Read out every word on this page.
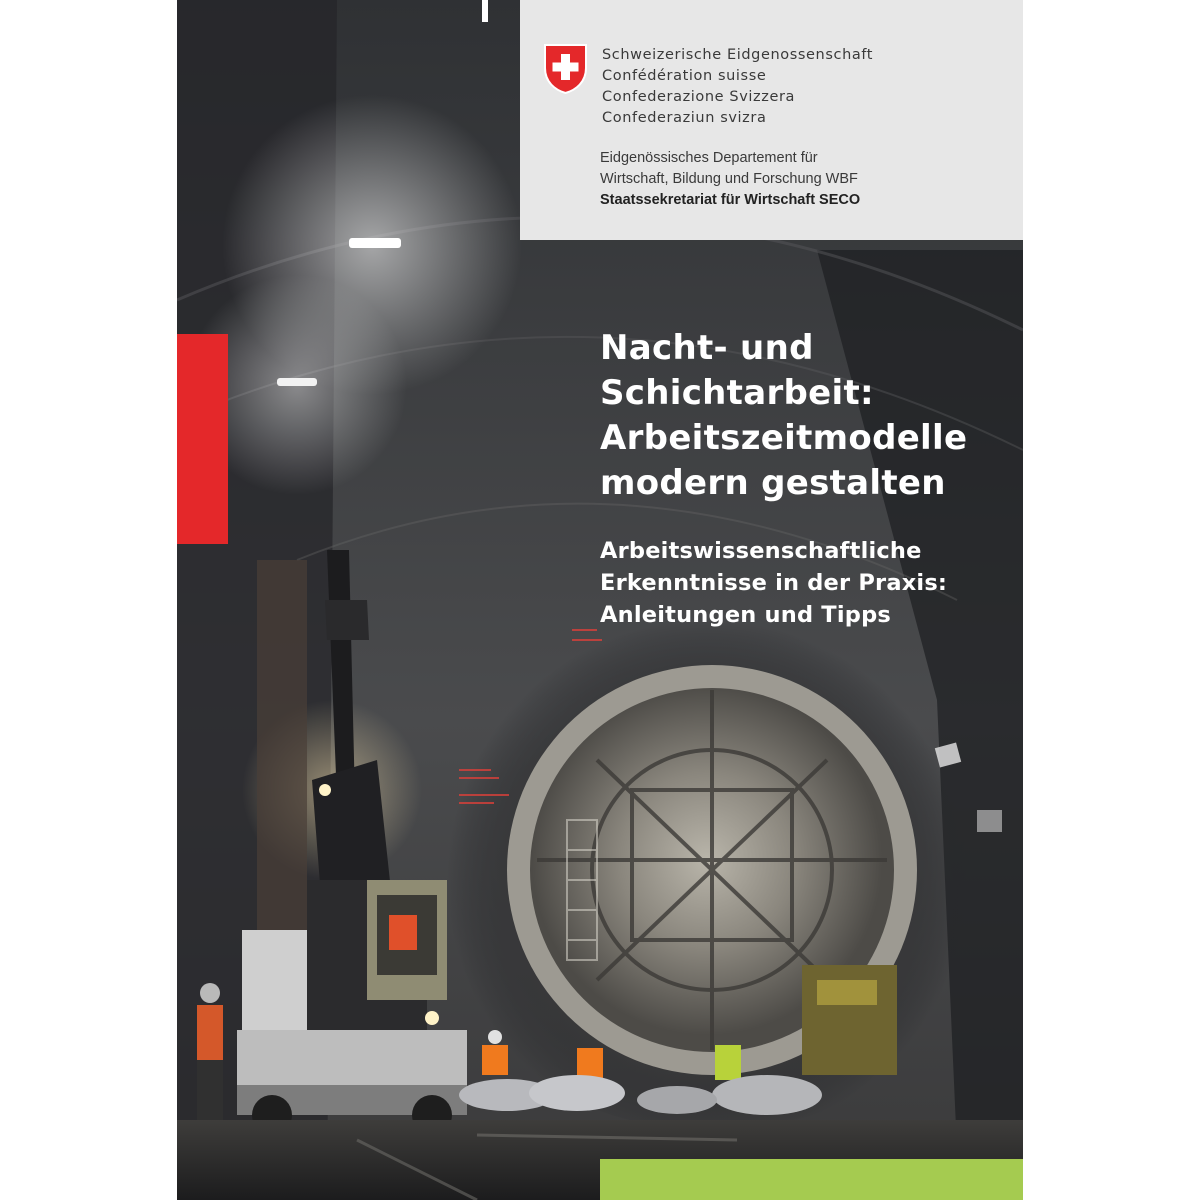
Schweizerische Eidgenossenschaft
Confédération suisse
Confederazione Svizzera
Confederaziun svizra
Eidgenössisches Departement für
Wirtschaft, Bildung und Forschung WBF
Staatssekretariat für Wirtschaft SECO
Nacht- und
Schichtarbeit:
Arbeitszeitmodelle
modern gestalten
Arbeitswissenschaftliche
Erkenntnisse in der Praxis:
Anleitungen und Tipps
